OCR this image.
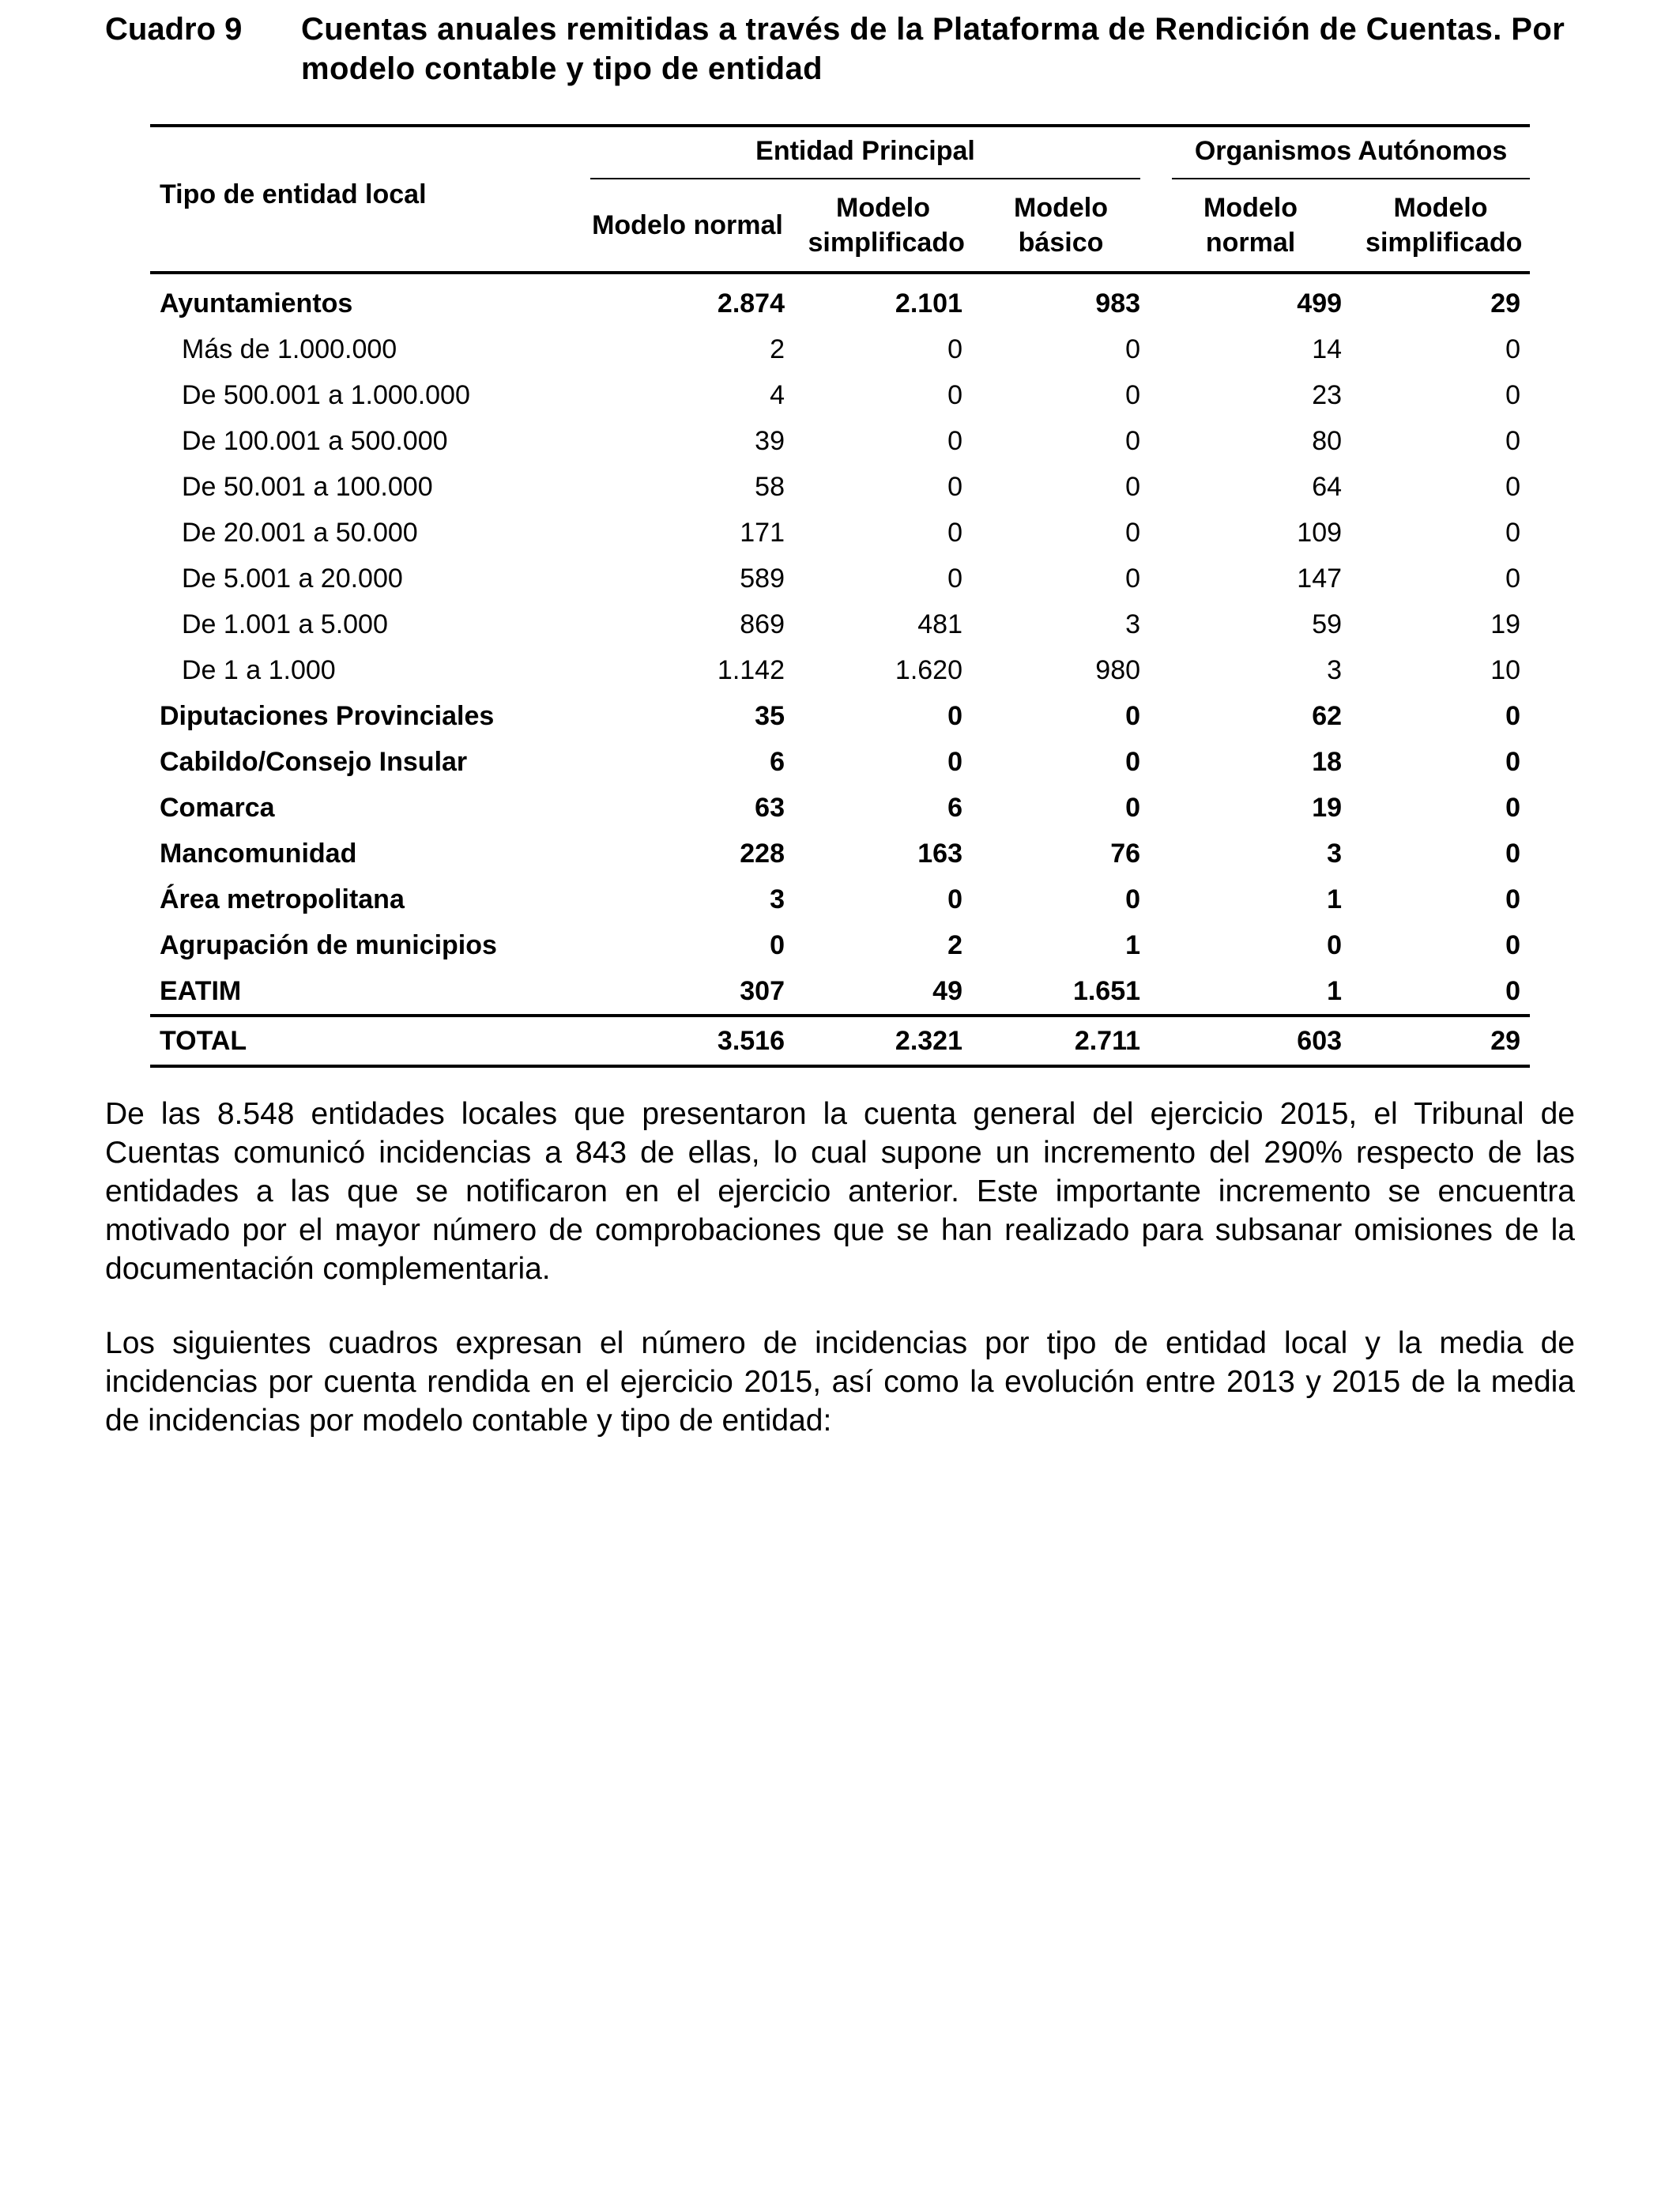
Cuadro 9 Cuentas anuales remitidas a través de la Plataforma de Rendición de Cuentas. Por modelo contable y tipo de entidad
Tipo de entidad local	Entidad Principal			Organismos Autónomos	

	Modelo normal	Modelo simplificado	Modelo básico	Modelo normal	Modelo simplificado
Ayuntamientos	2.874	2.101	983	499	29
Más de 1.000.000	2	0	0	14	0
De 500.001 a 1.000.000	4	0	0	23	0
De 100.001 a 500.000	39	0	0	80	0
De 50.001 a 100.000	58	0	0	64	0
De 20.001 a 50.000	171	0	0	109	0
De 5.001 a 20.000	589	0	0	147	0
De 1.001 a 5.000	869	481	3	59	19
De 1 a 1.000	1.142	1.620	980	3	10
Diputaciones Provinciales	35	0	0	62	0
Cabildo/Consejo Insular	6	0	0	18	0
Comarca	63	6	0	19	0
Mancomunidad	228	163	76	3	0
Área metropolitana	3	0	0	1	0
Agrupación de municipios	0	2	1	0	0
EATIM	307	49	1.651	1	0
TOTAL	3.516	2.321	2.711	603	29

De las 8.548 entidades locales que presentaron la cuenta general del ejercicio 2015, el Tribunal de Cuentas comunicó incidencias a 843 de ellas, lo cual supone un incremento del 290% respecto de las entidades a las que se notificaron en el ejercicio anterior. Este importante incremento se encuentra motivado por el mayor número de comprobaciones que se han realizado para subsanar omisiones de la documentación complementaria.

Los siguientes cuadros expresan el número de incidencias por tipo de entidad local y la media de incidencias por cuenta rendida en el ejercicio 2015, así como la evolución entre 2013 y 2015 de la media de incidencias por modelo contable y tipo de entidad:
